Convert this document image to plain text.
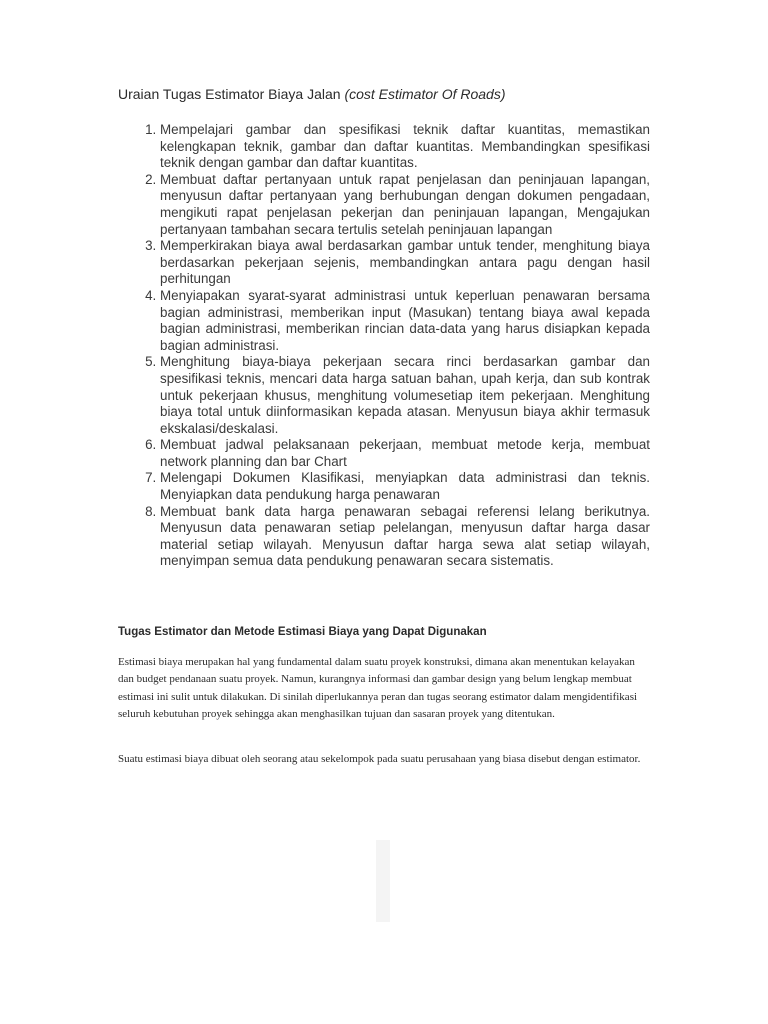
Uraian Tugas Estimator Biaya Jalan (cost Estimator Of Roads)
1. Mempelajari gambar dan spesifikasi teknik daftar kuantitas, memastikan kelengkapan teknik, gambar dan daftar kuantitas. Membandingkan spesifikasi teknik dengan gambar dan daftar kuantitas.
2. Membuat daftar pertanyaan untuk rapat penjelasan dan peninjauan lapangan, menyusun daftar pertanyaan yang berhubungan dengan dokumen pengadaan, mengikuti rapat penjelasan pekerjan dan peninjauan lapangan, Mengajukan pertanyaan tambahan secara tertulis setelah peninjauan lapangan
3. Memperkirakan biaya awal berdasarkan gambar untuk tender, menghitung biaya berdasarkan pekerjaan sejenis, membandingkan antara pagu dengan hasil perhitungan
4. Menyiapakan syarat-syarat administrasi untuk keperluan penawaran bersama bagian administrasi, memberikan input (Masukan) tentang biaya awal kepada bagian administrasi, memberikan rincian data-data yang harus disiapkan kepada bagian administrasi.
5. Menghitung biaya-biaya pekerjaan secara rinci berdasarkan gambar dan spesifikasi teknis, mencari data harga satuan bahan, upah kerja, dan sub kontrak untuk pekerjaan khusus, menghitung volumesetiap item pekerjaan. Menghitung biaya total untuk diinformasikan kepada atasan. Menyusun biaya akhir termasuk ekskalasi/deskalasi.
6. Membuat jadwal pelaksanaan pekerjaan, membuat metode kerja, membuat network planning dan bar Chart
7. Melengapi Dokumen Klasifikasi, menyiapkan data administrasi dan teknis. Menyiapkan data pendukung harga penawaran
8. Membuat bank data harga penawaran sebagai referensi lelang berikutnya. Menyusun data penawaran setiap pelelangan, menyusun daftar harga dasar material setiap wilayah. Menyusun daftar harga sewa alat setiap wilayah, menyimpan semua data pendukung penawaran secara sistematis.
Tugas Estimator dan Metode Estimasi Biaya yang Dapat Digunakan

Estimasi biaya merupakan hal yang fundamental dalam suatu proyek konstruksi, dimana akan menentukan kelayakan dan budget pendanaan suatu proyek. Namun, kurangnya informasi dan gambar design yang belum lengkap membuat estimasi ini sulit untuk dilakukan. Di sinilah diperlukannya peran dan tugas seorang estimator dalam mengidentifikasi seluruh kebutuhan proyek sehingga akan menghasilkan tujuan dan sasaran proyek yang ditentukan.

Suatu estimasi biaya dibuat oleh seorang atau sekelompok pada suatu perusahaan yang biasa disebut dengan estimator.
